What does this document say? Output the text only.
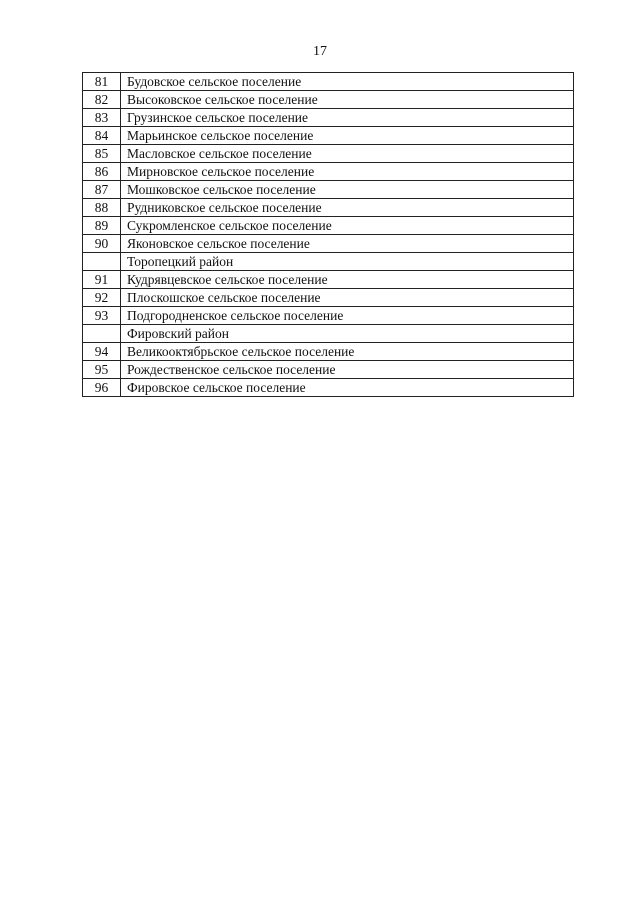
17
81	Будовское сельское поселение
82	Высоковское сельское поселение
83	Грузинское сельское поселение
84	Марьинское сельское поселение
85	Масловское сельское поселение
86	Мирновское сельское поселение
87	Мошковское сельское поселение
88	Рудниковское сельское поселение
89	Сукромленское сельское поселение
90	Яконовское сельское поселение
	Торопецкий район
91	Кудрявцевское сельское поселение
92	Плоскошское сельское поселение
93	Подгородненское сельское поселение
	Фировский район
94	Великооктябрьское сельское поселение
95	Рождественское сельское поселение
96	Фировское сельское поселение
